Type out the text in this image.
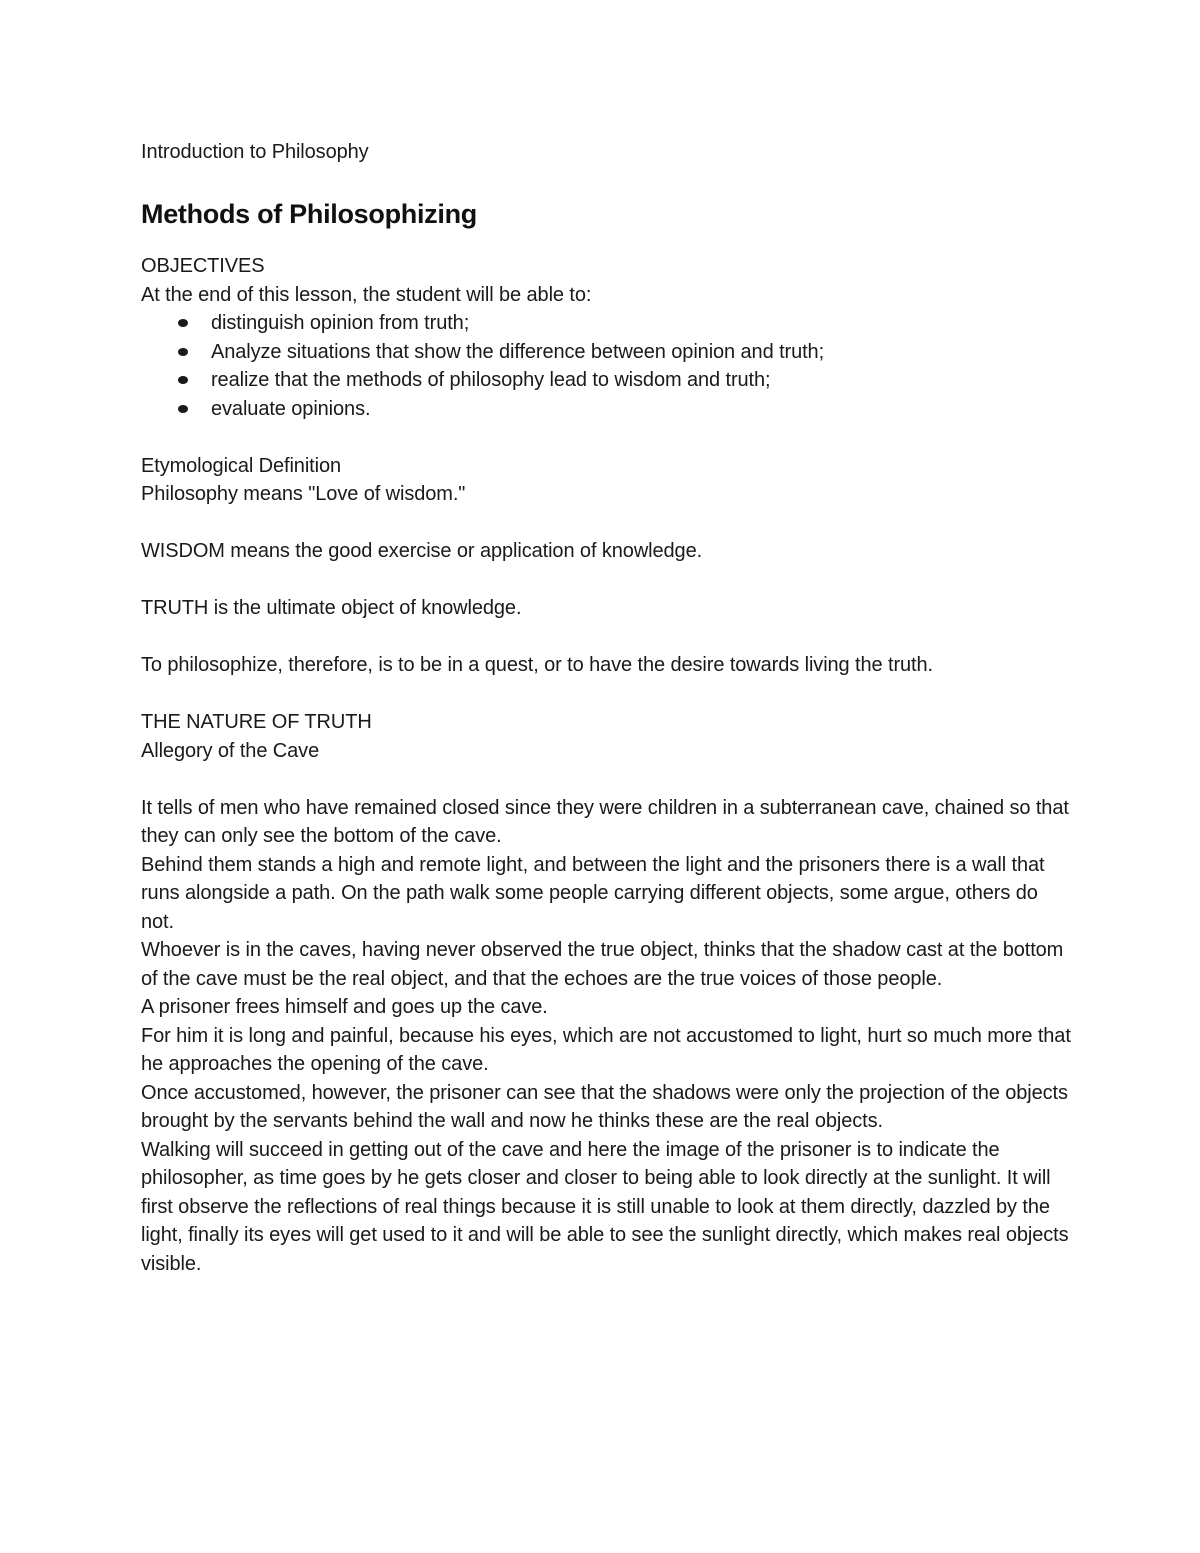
Introduction to Philosophy

Methods of Philosophizing

OBJECTIVES

At the end of this lesson, the student will be able to:

distinguish opinion from truth;
Analyze situations that show the difference between opinion and truth;
realize that the methods of philosophy lead to wisdom and truth;
evaluate opinions.

Etymological Definition

Philosophy means "Love of wisdom."

WISDOM means the good exercise or application of knowledge.

TRUTH is the ultimate object of knowledge.

To philosophize, therefore, is to be in a quest, or to have the desire towards living the truth.

THE NATURE OF TRUTH

Allegory of the Cave

It tells of men who have remained closed since they were children in a subterranean cave, chained so that they can only see the bottom of the cave.

Behind them stands a high and remote light, and between the light and the prisoners there is a wall that runs alongside a path. On the path walk some people carrying different objects, some argue, others do not.

Whoever is in the caves, having never observed the true object, thinks that the shadow cast at the bottom of the cave must be the real object, and that the echoes are the true voices of those people.

A prisoner frees himself and goes up the cave.

For him it is long and painful, because his eyes, which are not accustomed to light, hurt so much more that he approaches the opening of the cave.

Once accustomed, however, the prisoner can see that the shadows were only the projection of the objects brought by the servants behind the wall and now he thinks these are the real objects.

Walking will succeed in getting out of the cave and here the image of the prisoner is to indicate the philosopher, as time goes by he gets closer and closer to being able to look directly at the sunlight. It will first observe the reflections of real things because it is still unable to look at them directly, dazzled by the light, finally its eyes will get used to it and will be able to see the sunlight directly, which makes real objects visible.
